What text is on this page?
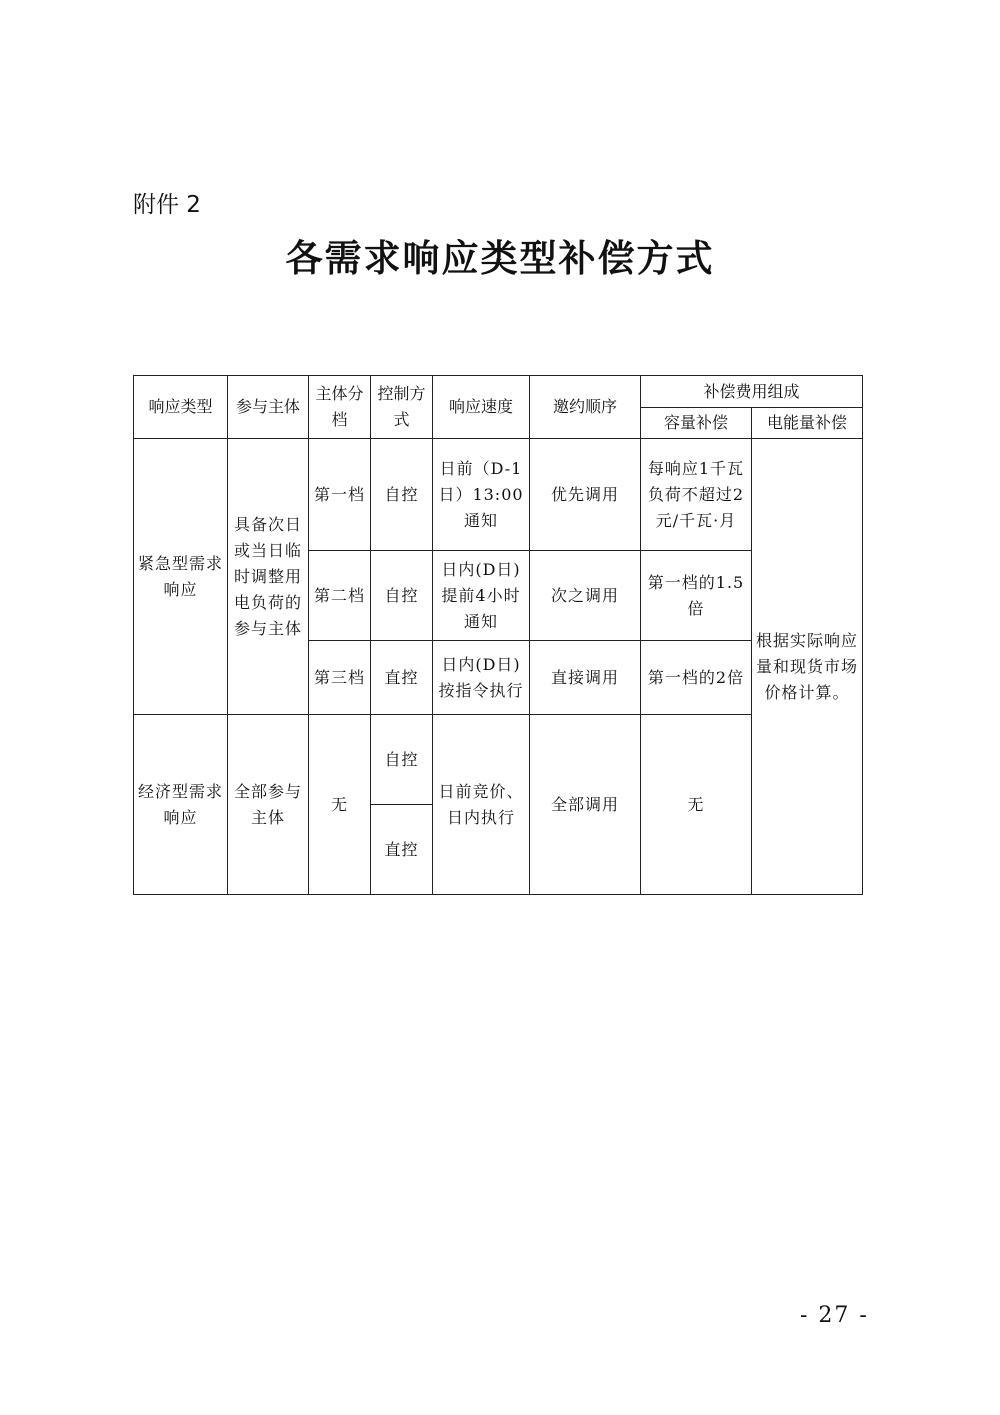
附件 2
各需求响应类型补偿方式
响应类型	参与主体	主体分档	控制方式	响应速度	邀约顺序	补偿费用组成	
						容量补偿	电能量补偿
紧急型需求响应	具备次日或当日临时调整用电负荷的参与主体	第一档	自控	日前（D-1日）13:00通知	优先调用	每响应1千瓦负荷不超过2元/千瓦·月	根据实际响应量和现货市场价格计算。
		第二档	自控	日内(D日)提前4小时通知	次之调用	第一档的1.5倍	
		第三档	直控	日内(D日)按指令执行	直接调用	第一档的2倍	
经济型需求响应	全部参与主体	无	自控	日前竞价、日内执行	全部调用	无	
			直控				
- 27 -
